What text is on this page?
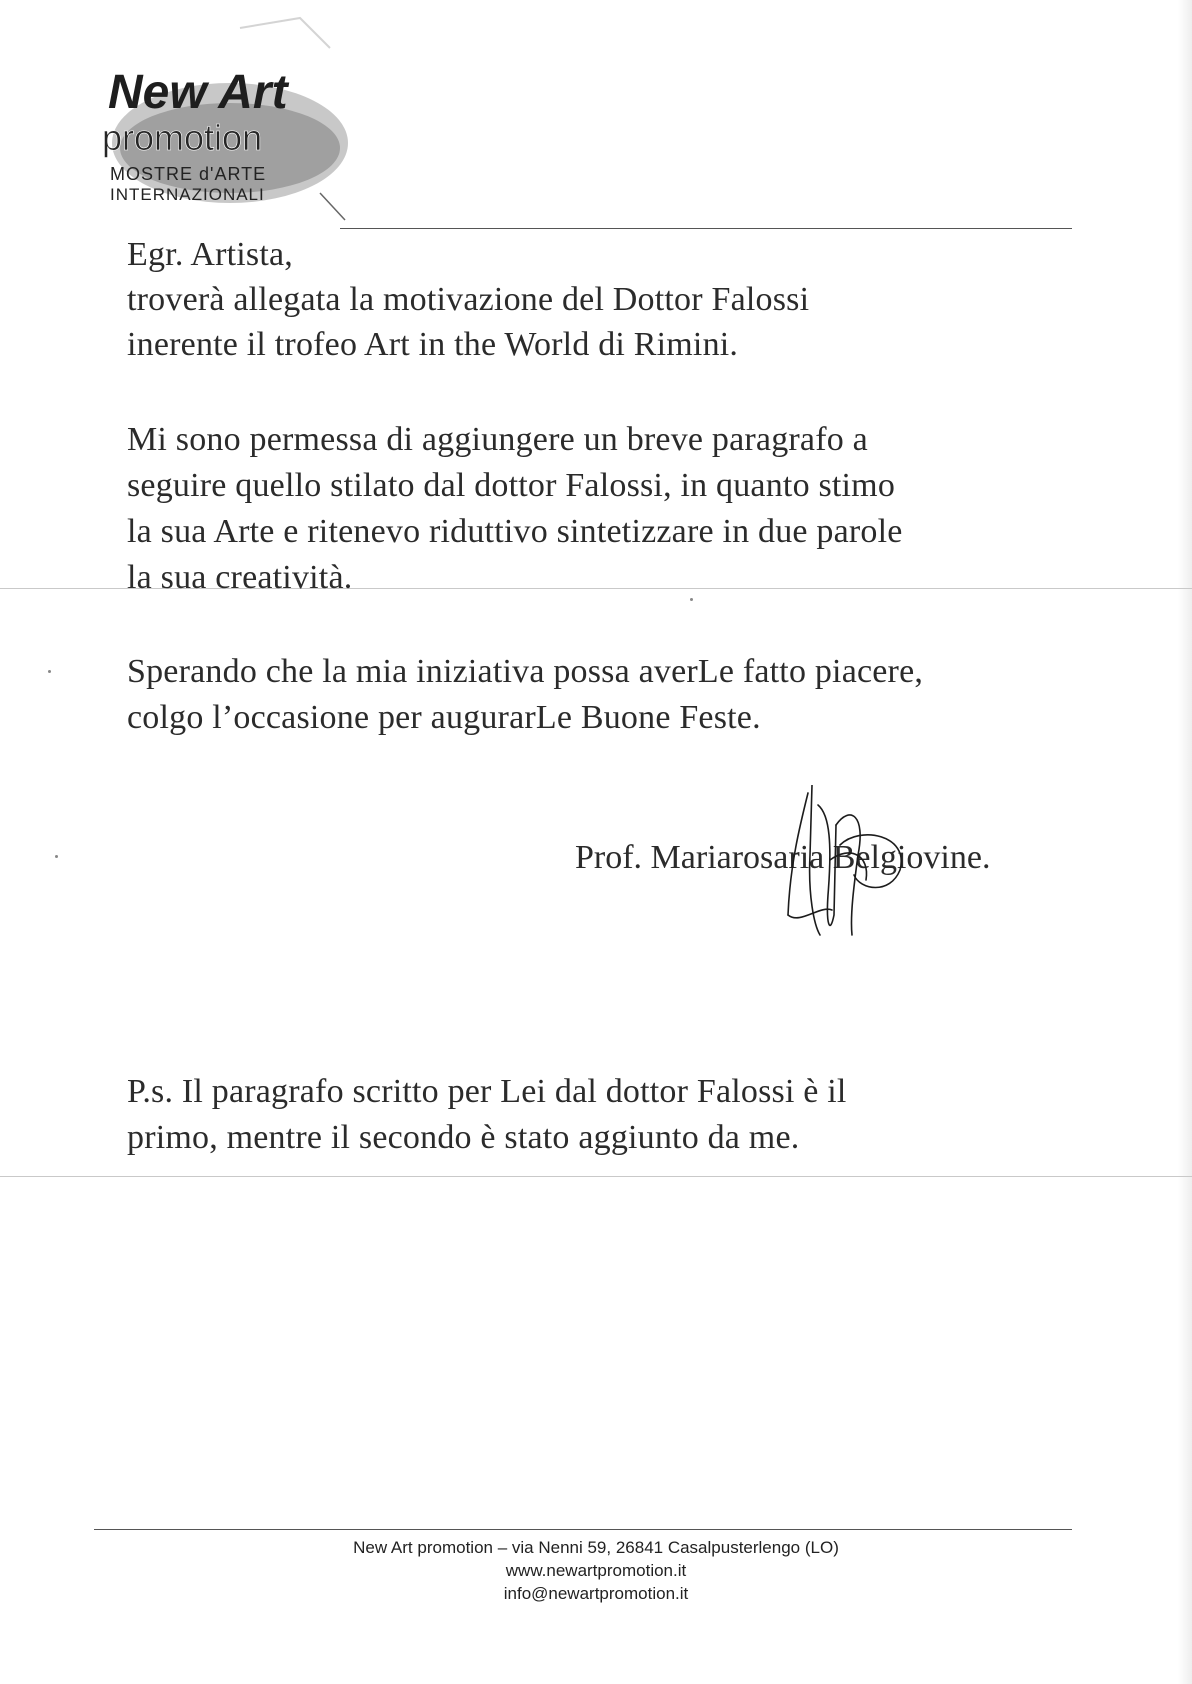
New Art
promotion
MOSTRE d'ARTE
INTERNAZIONALI

Egr. Artista,

troverà allegata la motivazione del Dottor Falossi

inerente il trofeo Art in the World di Rimini.

Mi sono permessa di aggiungere un breve paragrafo a

seguire quello stilato dal dottor Falossi, in quanto stimo

la sua Arte e ritenevo riduttivo sintetizzare in due parole

la sua creatività.

Sperando che la mia iniziativa possa averLe fatto piacere,

colgo l’occasione per augurarLe Buone Feste.

Prof. Mariarosaria Belgiovine.

P.s. Il paragrafo scritto per Lei dal dottor Falossi è il

primo, mentre il secondo è stato aggiunto da me.

New Art promotion – via Nenni 59, 26841 Casalpusterlengo (LO)
www.newartpromotion.it
info@newartpromotion.it
